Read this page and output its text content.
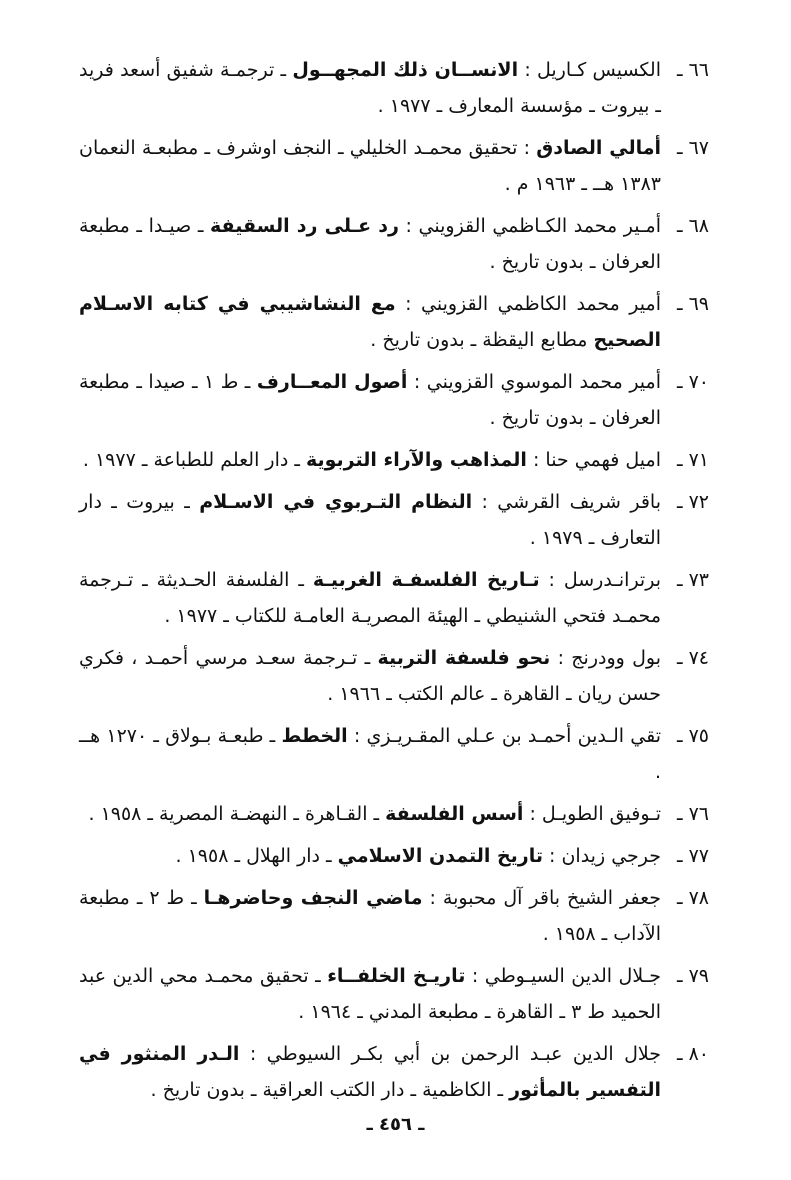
٦٦ ـ
الكسيس كـاريل : الانســان ذلك المجهــول ـ ترجمـة شفيق أسعد فريد ـ بيروت ـ مؤسسة المعارف ـ ١٩٧٧ .
٦٧ ـ
أمالي الصادق : تحقيق محمـد الخليلي ـ النجف اوشرف ـ مطبعـة النعمان ١٣٨٣ هــ ـ ١٩٦٣ م .
٦٨ ـ
أمـير محمد الكـاظمي القزويني : رد عـلى رد السقيفة ـ صيـدا ـ مطبعة العرفان ـ بدون تاريخ .
٦٩ ـ
أمير محمد الكاظمي القزويني : مع النشاشيبي في كتابه الاسـلام الصحيح مطابع اليقظة ـ بدون تاريخ .
٧٠ ـ
أمير محمد الموسوي القزويني : أصول المعــارف ـ ط ١ ـ صيدا ـ مطبعة العرفان ـ بدون تاريخ .
٧١ ـ
اميل فهمي حنا : المذاهب والآراء التربوية ـ دار العلم للطباعة ـ ١٩٧٧ .
٧٢ ـ
باقر شريف القرشي : النظام التـربوي في الاسـلام ـ بيروت ـ دار التعارف ـ ١٩٧٩ .
٧٣ ـ
برترانـدرسل : تـاريخ الفلسفـة الغربيـة ـ الفلسفة الحـديثة ـ تـرجمة محمـد فتحي الشنيطي ـ الهيئة المصريـة العامـة للكتاب ـ ١٩٧٧ .
٧٤ ـ
بول وودرنج : نحو فلسفة التربية ـ تـرجمة سعـد مرسي أحمـد ، فكري حسن ريان ـ القاهرة ـ عالم الكتب ـ ١٩٦٦ .
٧٥ ـ
تقي الـدين أحمـد بن عـلي المقـريـزي : الخطط ـ طبعـة بـولاق ـ ١٢٧٠ هــ .
٧٦ ـ
تـوفيق الطويـل : أسس الفلسفة ـ القـاهرة ـ النهضـة المصرية ـ ١٩٥٨ .
٧٧ ـ
جرجي زيدان : تاريخ التمدن الاسلامي ـ دار الهلال ـ ١٩٥٨ .
٧٨ ـ
جعفر الشيخ باقر آل محبوبة : ماضي النجف وحاضرهـا ـ ط ٢ ـ مطبعة الآداب ـ ١٩٥٨ .
٧٩ ـ
جـلال الدين السيـوطي : تاريـخ الخلفــاء ـ تحقيق محمـد محي الدين عبد الحميد ط ٣ ـ القاهرة ـ مطبعة المدني ـ ١٩٦٤ .
٨٠ ـ
جلال الدين عبـد الرحمن بن أبي بكـر السيوطي : الـدر المنثور في التفسير بالمأثور ـ الكاظمية ـ دار الكتب العراقية ـ بدون تاريخ .
ـ ٤٥٦ ـ
